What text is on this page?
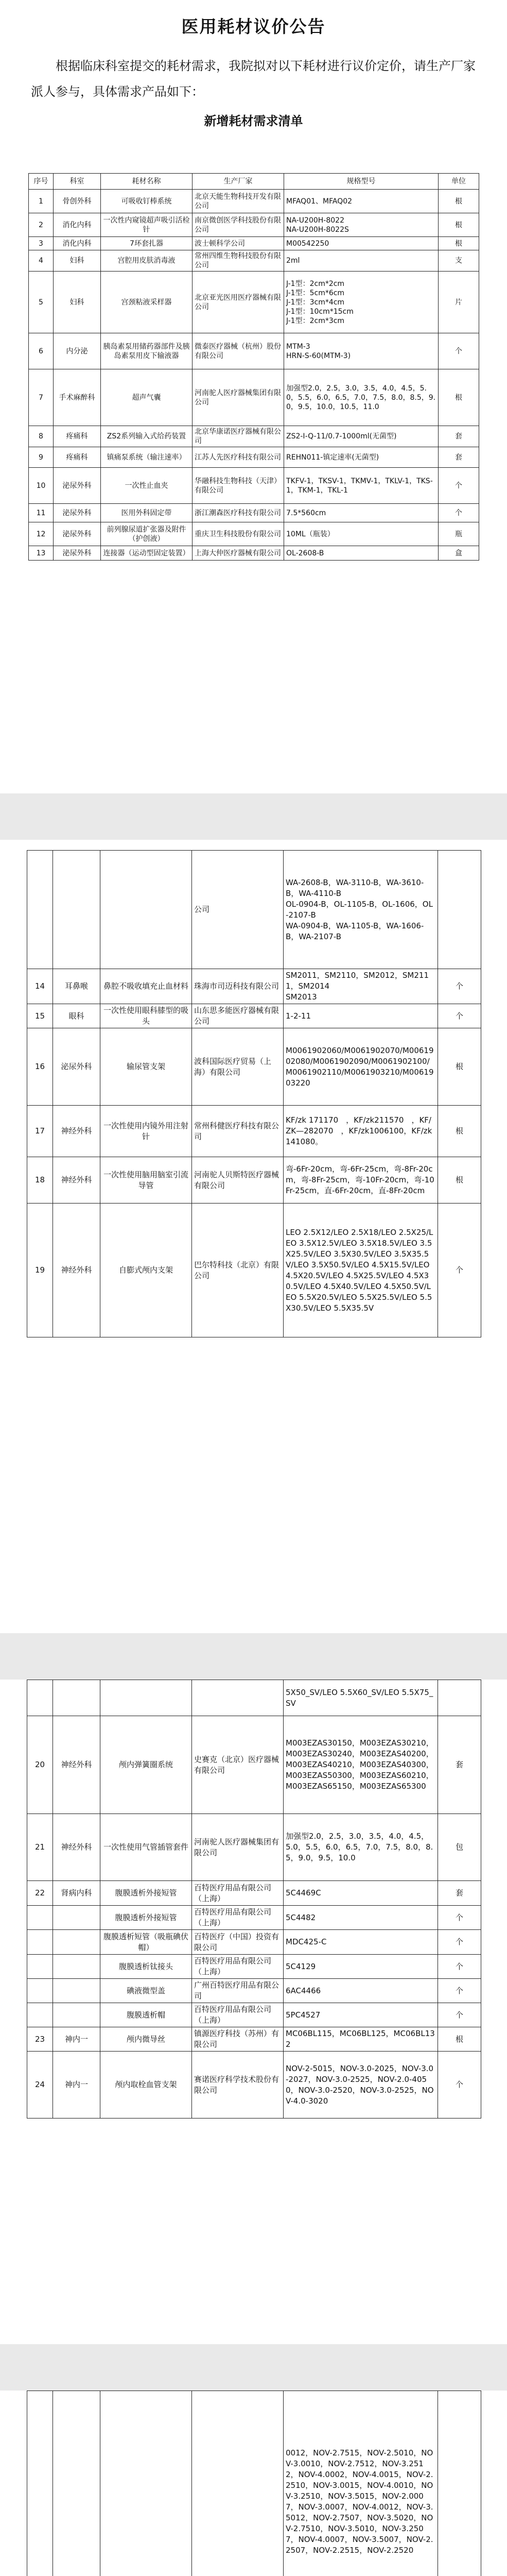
医用耗材议价公告
根据临床科室提交的耗材需求，我院拟对以下耗材进行议价定价，请生产厂家派人参与，具体需求产品如下：
新增耗材需求清单
序号	科室	耗材名称	生产厂家	规格型号	单位
1	骨创外科	可吸收钉棒系统	北京天能生物科技开发有限公司	MFAQ01、MFAQ02	根
2	消化内科	一次性内窥镜超声吸引活检针	南京微创医学科技股份有限公司	NA-U200H-8022
NA-U200H-8022S	根
3	消化内科	7环套扎器	波士顿科学公司	M00542250	根
4	妇科	宫腔用皮肤消毒液	常州四维生物科技股份有限公司	2ml	支
5	妇科	宫颈粘液采样器	北京亚光医用医疗器械有限公司	J-1型：2cm*2cm
J-1型：5cm*6cm
J-1型：3cm*4cm
J-1型：10cm*15cm
J-1型：2cm*3cm	片
6	内分泌	胰岛素泵用储药器部件及胰岛素泵用皮下输液器	微泰医疗器械（杭州）股份有限公司	MTM-3
HRN-S-60(MTM-3)	个
7	手术麻醉科	超声气囊	河南驼人医疗器械集团有限公司	加强型2.0，2.5，3.0，3.5，4.0，4.5，5.0，5.5，6.0，6.5，7.0，7.5，8.0，8.5，9.0，9.5，10.0，10.5，11.0	根
8	疼痛科	ZS2系列输入式给药装置	北京华康诺医疗器械有限公司	ZS2-I-Q-11/0.7-1000ml(无菌型)	套
9	疼痛科	镇痛泵系统（输注速率）	江苏人先医疗科技有限公司	REHN011-镇定速率(无菌型)	套
10	泌尿外科	一次性止血夹	华融科技生物科技（天津）有限公司	TKFV-1，TKSV-1，TKMV-1，TKLV-1，TKS-1，TKM-1，TKL-1	个
11	泌尿外科	医用外科固定带	浙江潮森医疗科技有限公司	7.5*560cm	个
12	泌尿外科	前列腺尿道扩张器及附件（护创液）	重庆卫生科技股份有限公司	10ML（瓶装）	瓶
13	泌尿外科	连接器（运动型固定装置）	上海大仲医疗器械有限公司	OL-2608-B	盒
			公司	WA-2608-B，WA-3110-B，WA-3610-B，WA-4110-B
OL-0904-B，OL-1105-B，OL-1606，OL-2107-B
WA-0904-B，WA-1105-B，WA-1606-B，WA-2107-B	
14	耳鼻喉	鼻腔不吸收填充止血材料	珠海市司迈科技有限公司	SM2011，SM2110，SM2012，SM2111，SM2014
SM2013	个
15	眼科	一次性使用眼科膝型的吸头	山东思多能医疗器械有限公司	1-2-11	个
16	泌尿外科	输尿管支架	波科国际医疗贸易（上海）有限公司	M0061902060/M0061902070/M0061902080/M0061902090/M0061902100/M0061902110/M0061903210/M0061903220	根
17	神经外科	一次性使用内镜外用注射针	常州科健医疗科技有限公司	KF/zk 171170　，KF/zk211570　，KF/ZK—282070　，KF/zk1006100，KF/zk141080。	根
18	神经外科	一次性使用脑用脑室引流导管	河南驼人贝斯特医疗器械有限公司	弯-6Fr-20cm，弯-6Fr-25cm，弯-8Fr-20cm，弯-8Fr-25cm，弯-10Fr-20cm，弯-10Fr-25cm，直-6Fr-20cm，直-8Fr-20cm	根
19	神经外科	自膨式颅内支架	巴尔特科技（北京）有限公司	LEO 2.5X12/LEO 2.5X18/LEO 2.5X25/LEO 3.5X12.5V/LEO 3.5X18.5V/LEO 3.5X25.5V/LEO 3.5X30.5V/LEO 3.5X35.5V/LEO 3.5X50.5V/LEO 4.5X15.5V/LEO 4.5X20.5V/LEO 4.5X25.5V/LEO 4.5X30.5V/LEO 4.5X40.5V/LEO 4.5X50.5V/LEO 5.5X20.5V/LEO 5.5X25.5V/LEO 5.5X30.5V/LEO 5.5X35.5V	个
				5X50_SV/LEO 5.5X60_SV/LEO 5.5X75_SV	
20	神经外科	颅内弹簧圈系统	史赛克（北京）医疗器械有限公司	M003EZAS30150，M003EZAS30210，M003EZAS30240，M003EZAS40200，M003EZAS40210，M003EZAS40300，M003EZAS50300，M003EZAS60210，M003EZAS65150，M003EZAS65300	套
21	神经外科	一次性使用气管插管套件	河南驼人医疗器械集团有限公司	加强型2.0，2.5，3.0，3.5，4.0，4.5，5.0，5.5，6.0，6.5，7.0，7.5，8.0，8.5，9.0，9.5，10.0	包
22	肾病内科	腹膜透析外接短管	百特医疗用品有限公司（上海）	5C4469C	套
		腹膜透析外接短管	百特医疗用品有限公司（上海）	5C4482	个
		腹膜透析短管（吸瓶碘伏帽）	百特医疗（中国）投资有限公司	MDC425-C	个
		腹膜透析钛接头	百特医疗用品有限公司（上海）	5C4129	个
		碘液微型盖	广州百特医疗用品有限公司	6AC4466	个
		腹膜透析帽	百特医疗用品有限公司（上海）	5PC4527	个
23	神内一	颅内微导丝	镇源医疗科技（苏州）有限公司	MC06BL115，MC06BL125，MC06BL132	根
24	神内一	颅内取栓血管支架	赛诺医疗科学技术股份有限公司	NOV-2-5015，NOV-3.0-2025，NOV-3.0-2027，NOV-3.0-2525，NOV-2.0-4050，NOV-3.0-2520，NOV-3.0-2525，NOV-4.0-3020	个
				0012，NOV-2.7515，NOV-2.5010，NOV-3.0010，NOV-2.7512，NOV-3.2512，NOV-4.0002，NOV-4.0015，NOV-2.2510，NOV-3.0015，NOV-4.0010，NOV-3.2510，NOV-3.5015，NOV-2.0007，NOV-3.0007，NOV-4.0012，NOV-3.5012，NOV-2.7507，NOV-3.5020，NOV-2.7510，NOV-3.5010，NOV-3.2507，NOV-4.0007，NOV-3.5007，NOV-2.2507，NOV-2.2515，NOV-2.2520	
